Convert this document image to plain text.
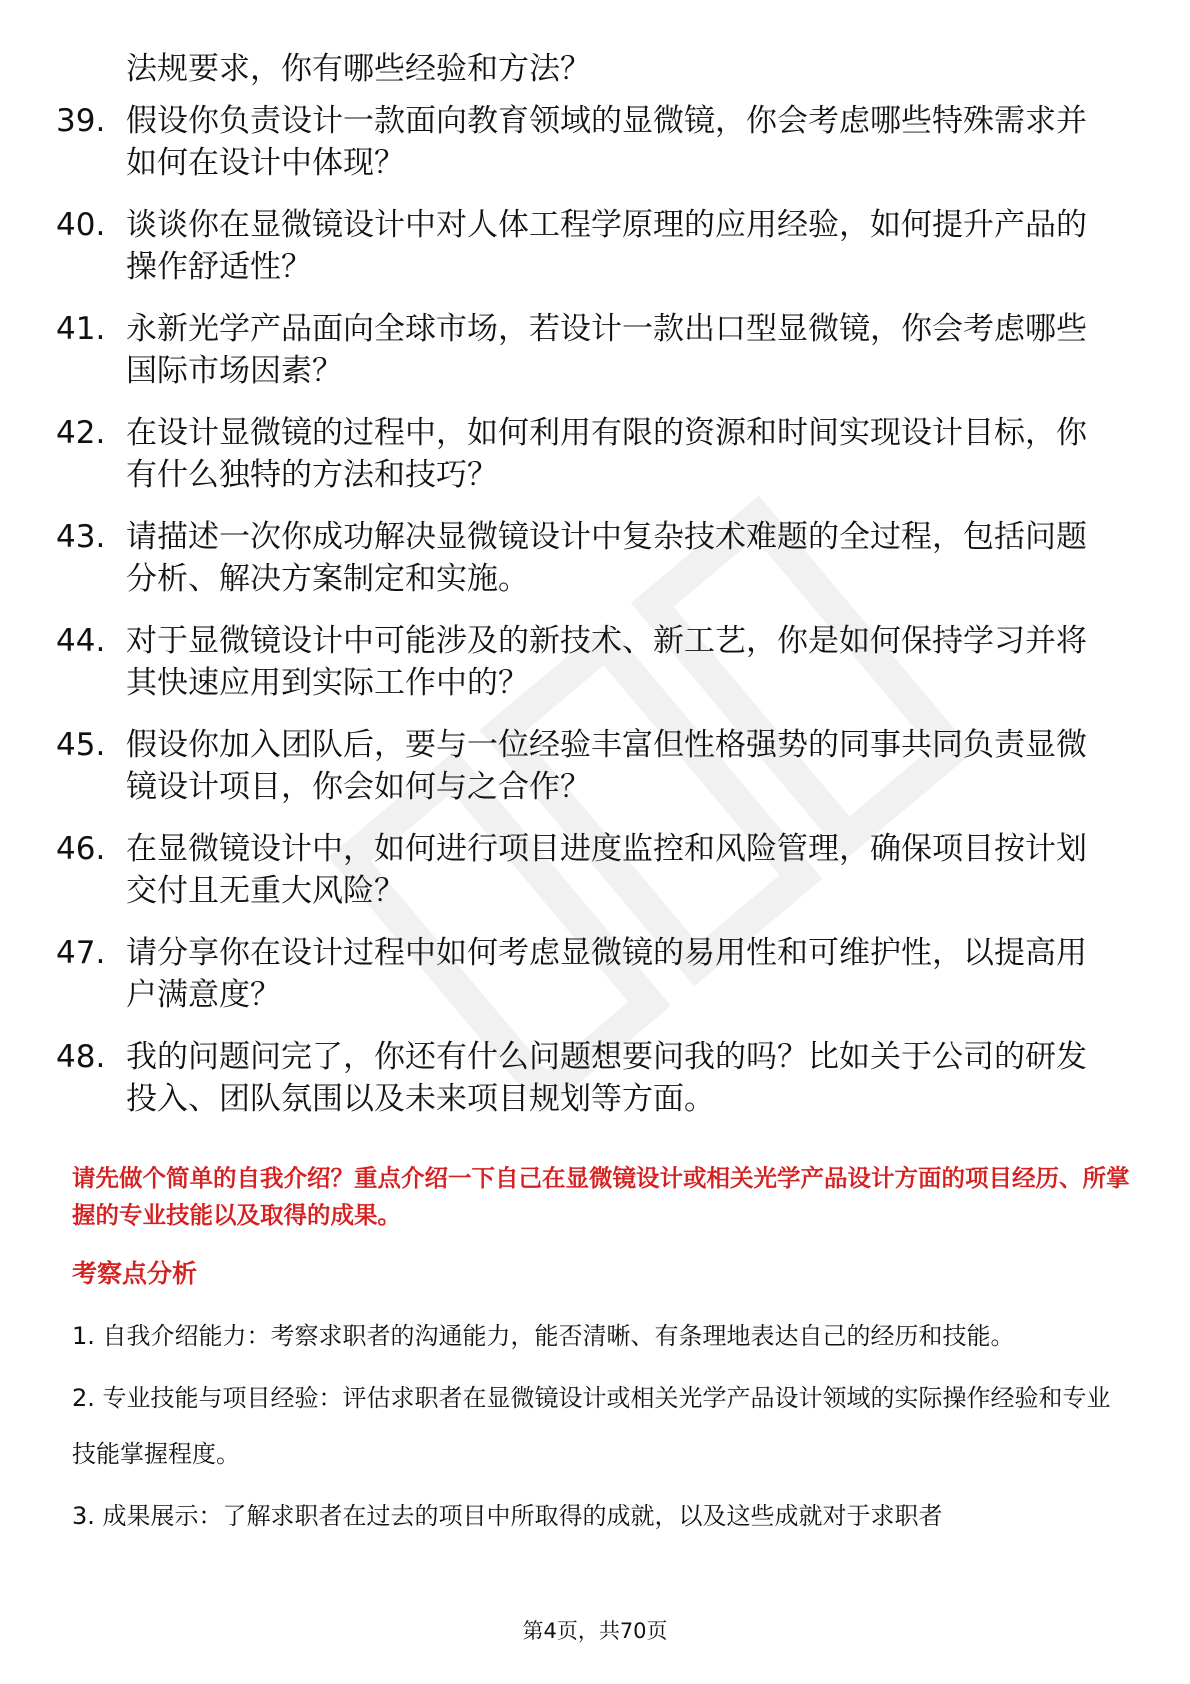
法规要求，你有哪些经验和方法？
39. 假设你负责设计一款面向教育领域的显微镜，你会考虑哪些特殊需求并如何在设计中体现？
40. 谈谈你在显微镜设计中对人体工程学原理的应用经验，如何提升产品的操作舒适性？
41. 永新光学产品面向全球市场，若设计一款出口型显微镜，你会考虑哪些国际市场因素？
42. 在设计显微镜的过程中，如何利用有限的资源和时间实现设计目标，你有什么独特的方法和技巧？
43. 请描述一次你成功解决显微镜设计中复杂技术难题的全过程，包括问题分析、解决方案制定和实施。
44. 对于显微镜设计中可能涉及的新技术、新工艺，你是如何保持学习并将其快速应用到实际工作中的？
45. 假设你加入团队后，要与一位经验丰富但性格强势的同事共同负责显微镜设计项目，你会如何与之合作？
46. 在显微镜设计中，如何进行项目进度监控和风险管理，确保项目按计划交付且无重大风险？
47. 请分享你在设计过程中如何考虑显微镜的易用性和可维护性，以提高用户满意度？
48. 我的问题问完了，你还有什么问题想要问我的吗？比如关于公司的研发投入、团队氛围以及未来项目规划等方面。
请先做个简单的自我介绍？重点介绍一下自己在显微镜设计或相关光学产品设计方面的项目经历、所掌握的专业技能以及取得的成果。
考察点分析
1. 自我介绍能力：考察求职者的沟通能力，能否清晰、有条理地表达自己的经历和技能。
2. 专业技能与项目经验：评估求职者在显微镜设计或相关光学产品设计领域的实际操作经验和专业技能掌握程度。
3. 成果展示：了解求职者在过去的项目中所取得的成就，以及这些成就对于求职者
第4页，共70页
